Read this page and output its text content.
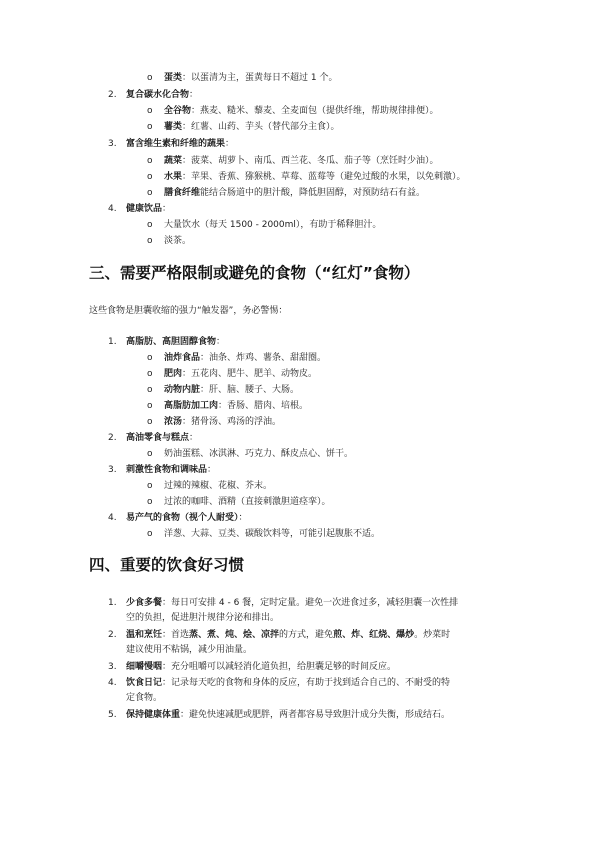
o 蛋类：以蛋清为主，蛋黄每日不超过 1 个。
2. 复合碳水化合物：
o 全谷物：燕麦、糙米、藜麦、全麦面包（提供纤维，帮助规律排便）。
o 薯类：红薯、山药、芋头（替代部分主食）。
3. 富含维生素和纤维的蔬果：
o 蔬菜：菠菜、胡萝卜、南瓜、西兰花、冬瓜、茄子等（烹饪时少油）。
o 水果：苹果、香蕉、猕猴桃、草莓、蓝莓等（避免过酸的水果，以免刺激）。
o 膳食纤维能结合肠道中的胆汁酸，降低胆固醇，对预防结石有益。
4. 健康饮品：
o 大量饮水（每天 1500 - 2000ml），有助于稀释胆汁。
o 淡茶。
三、需要严格限制或避免的食物（“红灯”食物）
这些食物是胆囊收缩的强力“触发器”，务必警惕：
1. 高脂肪、高胆固醇食物：
o 油炸食品：油条、炸鸡、薯条、甜甜圈。
o 肥肉：五花肉、肥牛、肥羊、动物皮。
o 动物内脏：肝、脑、腰子、大肠。
o 高脂肪加工肉：香肠、腊肉、培根。
o 浓汤：猪骨汤、鸡汤的浮油。
2. 高油零食与糕点：
o 奶油蛋糕、冰淇淋、巧克力、酥皮点心、饼干。
3. 刺激性食物和调味品：
o 过辣的辣椒、花椒、芥末。
o 过浓的咖啡、酒精（直接刺激胆道痉挛）。
4. 易产气的食物（视个人耐受）：
o 洋葱、大蒜、豆类、碳酸饮料等，可能引起腹胀不适。
四、重要的饮食好习惯
1. 少食多餐：每日可安排 4 - 6 餐，定时定量。避免一次进食过多，减轻胆囊一次性排
空的负担，促进胆汁规律分泌和排出。
2. 温和烹饪：首选蒸、煮、炖、烩、凉拌的方式，避免煎、炸、红烧、爆炒。炒菜时
建议使用不粘锅，减少用油量。
3. 细嚼慢咽：充分咀嚼可以减轻消化道负担，给胆囊足够的时间反应。
4. 饮食日记：记录每天吃的食物和身体的反应，有助于找到适合自己的、不耐受的特
定食物。
5. 保持健康体重：避免快速减肥或肥胖，两者都容易导致胆汁成分失衡，形成结石。
